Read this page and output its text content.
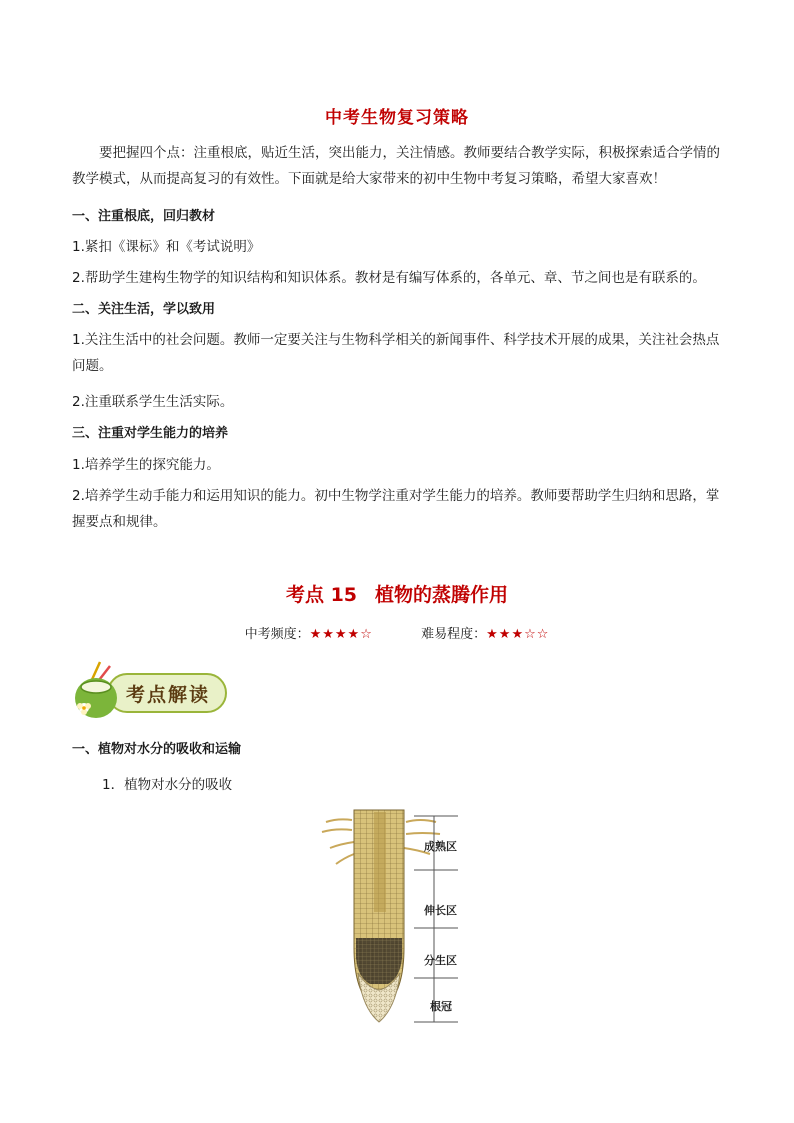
中考生物复习策略
要把握四个点：注重根底，贴近生活，突出能力，关注情感。教师要结合教学实际，积极探索适合学情的教学模式，从而提高复习的有效性。下面就是给大家带来的初中生物中考复习策略，希望大家喜欢！
一、注重根底，回归教材
1.紧扣《课标》和《考试说明》
2.帮助学生建构生物学的知识结构和知识体系。教材是有编写体系的，各单元、章、节之间也是有联系的。
二、关注生活，学以致用
1.关注生活中的社会问题。教师一定要关注与生物科学相关的新闻事件、科学技术开展的成果，关注社会热点问题。
2.注重联系学生生活实际。
三、注重对学生能力的培养
1.培养学生的探究能力。
2.培养学生动手能力和运用知识的能力。初中生物学注重对学生能力的培养。教师要帮助学生归纳和思路，掌握要点和规律。
考点 15 植物的蒸腾作用
中考频度：★★★★☆	难易程度：★★★☆☆
考点解读
一、植物对水分的吸收和运输
1．植物对水分的吸收
成熟区
伸长区
分生区
根冠
